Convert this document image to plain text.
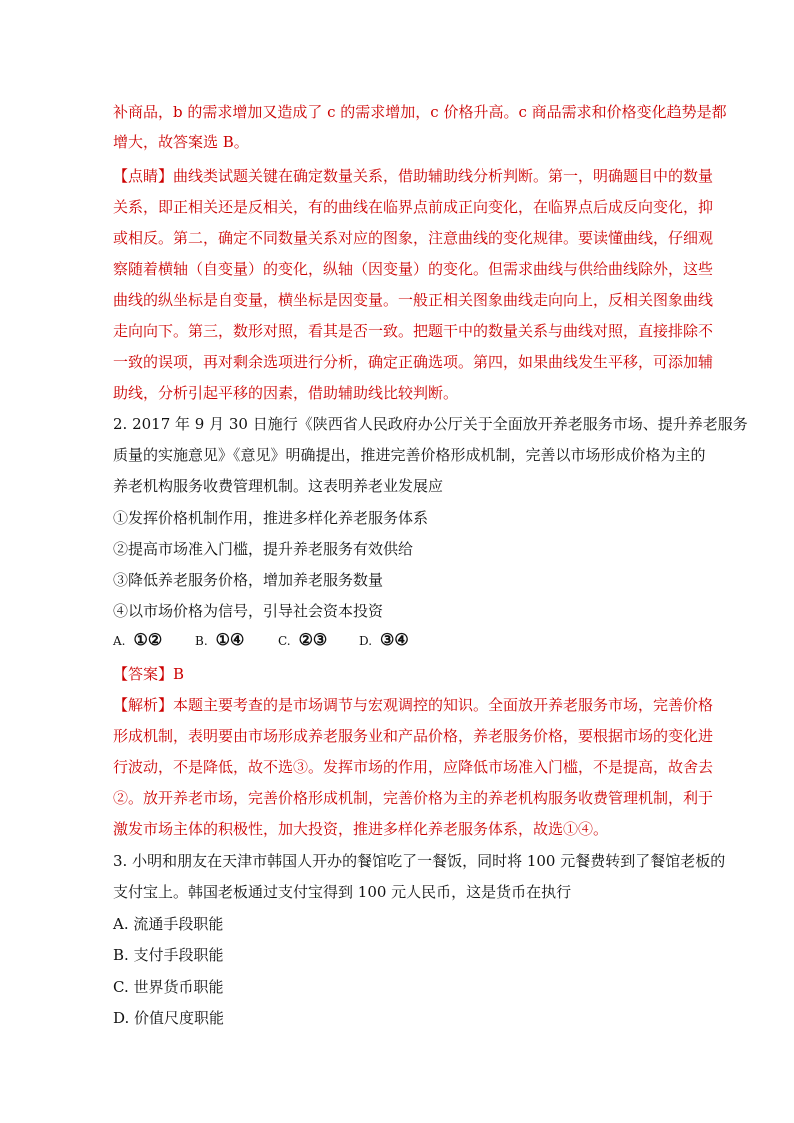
补商品，b 的需求增加又造成了 c 的需求增加，c 价格升高。c 商品需求和价格变化趋势是都
增大，故答案选 B。
【点睛】曲线类试题关键在确定数量关系，借助辅助线分析判断。第一，明确题目中的数量
关系，即正相关还是反相关，有的曲线在临界点前成正向变化，在临界点后成反向变化，抑
或相反。第二，确定不同数量关系对应的图象，注意曲线的变化规律。要读懂曲线，仔细观
察随着横轴（自变量）的变化，纵轴（因变量）的变化。但需求曲线与供给曲线除外，这些
曲线的纵坐标是自变量，横坐标是因变量。一般正相关图象曲线走向向上，反相关图象曲线
走向向下。第三，数形对照，看其是否一致。把题干中的数量关系与曲线对照，直接排除不
一致的误项，再对剩余选项进行分析，确定正确选项。第四，如果曲线发生平移，可添加辅
助线，分析引起平移的因素，借助辅助线比较判断。
2. 2017 年 9 月 30 日施行《陕西省人民政府办公厅关于全面放开养老服务市场、提升养老服务
质量的实施意见》《意见》明确提出，推进完善价格形成机制，完善以市场形成价格为主的
养老机构服务收费管理机制。这表明养老业发展应
①发挥价格机制作用，推进多样化养老服务体系
②提高市场准入门槛，提升养老服务有效供给
③降低养老服务价格，增加养老服务数量
④以市场价格为信号，引导社会资本投资
A. ①②	B. ①④	C. ②③	D. ③④
【答案】B
【解析】本题主要考查的是市场调节与宏观调控的知识。全面放开养老服务市场，完善价格
形成机制，表明要由市场形成养老服务业和产品价格，养老服务价格，要根据市场的变化进
行波动，不是降低，故不选③。发挥市场的作用，应降低市场准入门槛，不是提高，故舍去
②。放开养老市场，完善价格形成机制，完善价格为主的养老机构服务收费管理机制，利于
激发市场主体的积极性，加大投资，推进多样化养老服务体系，故选①④。
3. 小明和朋友在天津市韩国人开办的餐馆吃了一餐饭，同时将 100 元餐费转到了餐馆老板的
支付宝上。韩国老板通过支付宝得到 100 元人民币，这是货币在执行
A. 流通手段职能
B. 支付手段职能
C. 世界货币职能
D. 价值尺度职能
